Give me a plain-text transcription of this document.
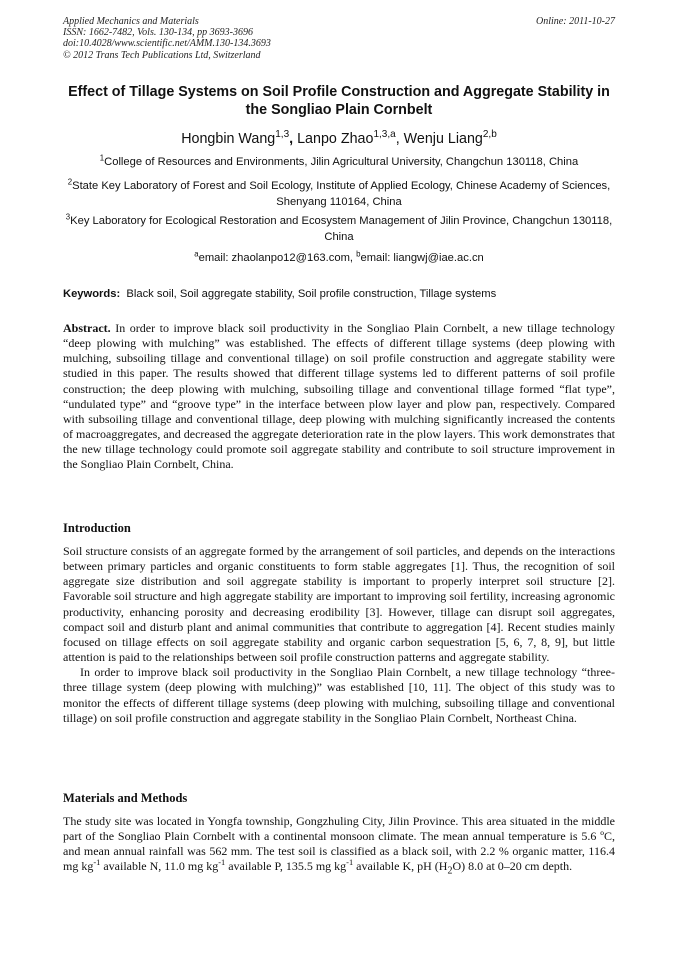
Applied Mechanics and Materials
ISSN: 1662-7482, Vols. 130-134, pp 3693-3696
doi:10.4028/www.scientific.net/AMM.130-134.3693
© 2012 Trans Tech Publications Ltd, Switzerland
Online: 2011-10-27
Effect of Tillage Systems on Soil Profile Construction and Aggregate Stability in the Songliao Plain Cornbelt
Hongbin Wang$^{1,3}$, Lanpo Zhao$^{1,3,a}$, Wenju Liang$^{2,b}$
$^1$College of Resources and Environments, Jilin Agricultural University, Changchun 130118, China
$^2$State Key Laboratory of Forest and Soil Ecology, Institute of Applied Ecology, Chinese Academy of Sciences, Shenyang 110164, China
$^3$Key Laboratory for Ecological Restoration and Ecosystem Management of Jilin Province, Changchun 130118, China
$^a$email: zhaolanpo12@163.com, $^b$email: liangwj@iae.ac.cn
Keywords: Black soil, Soil aggregate stability, Soil profile construction, Tillage systems

Abstract. In order to improve black soil productivity in the Songliao Plain Cornbelt, a new tillage technology “deep plowing with mulching” was established. The effects of different tillage systems (deep plowing with mulching, subsoiling tillage and conventional tillage) on soil profile construction and aggregate stability were studied in this paper. The results showed that different tillage systems led to different patterns of soil profile construction; the deep plowing with mulching, subsoiling tillage and conventional tillage formed “flat type”, “undulated type” and “groove type” in the interface between plow layer and plow pan, respectively. Compared with subsoiling tillage and conventional tillage, deep plowing with mulching significantly increased the contents of macroaggregates, and decreased the aggregate deterioration rate in the plow layers. This work demonstrates that the new tillage technology could promote soil aggregate stability and contribute to soil structure improvement in the Songliao Plain Cornbelt, China.

Introduction

Soil structure consists of an aggregate formed by the arrangement of soil particles, and depends on the interactions between primary particles and organic constituents to form stable aggregates [1]. Thus, the recognition of soil aggregate size distribution and soil aggregate stability is important to properly interpret soil structure [2]. Favorable soil structure and high aggregate stability are important to improving soil fertility, increasing agronomic productivity, enhancing porosity and decreasing erodibility [3]. However, tillage can disrupt soil aggregates, compact soil and disturb plant and animal communities that contribute to aggregation [4]. Recent studies mainly focused on tillage effects on soil aggregate stability and organic carbon sequestration [5, 6, 7, 8, 9], but little attention is paid to the relationships between soil profile construction patterns and aggregate stability.

In order to improve black soil productivity in the Songliao Plain Cornbelt, a new tillage technology “three-three tillage system (deep plowing with mulching)” was established [10, 11]. The object of this study was to monitor the effects of different tillage systems (deep plowing with mulching, subsoiling tillage and conventional tillage) on soil profile construction and aggregate stability in the Songliao Plain Cornbelt, Northeast China.

Materials and Methods

The study site was located in Yongfa township, Gongzhuling City, Jilin Province. This area situated in the middle part of the Songliao Plain Cornbelt with a continental monsoon climate. The mean annual temperature is 5.6 ºC, and mean annual rainfall was 562 mm. The test soil is classified as a black soil, with 2.2 % organic matter, 116.4 mg $kg^{-1}$ available N, 11.0 mg $kg^{-1}$ available P, 135.5 mg $kg^{-1}$ available K, pH $(H_2O)$ 8.0 at 0–20 cm depth.
